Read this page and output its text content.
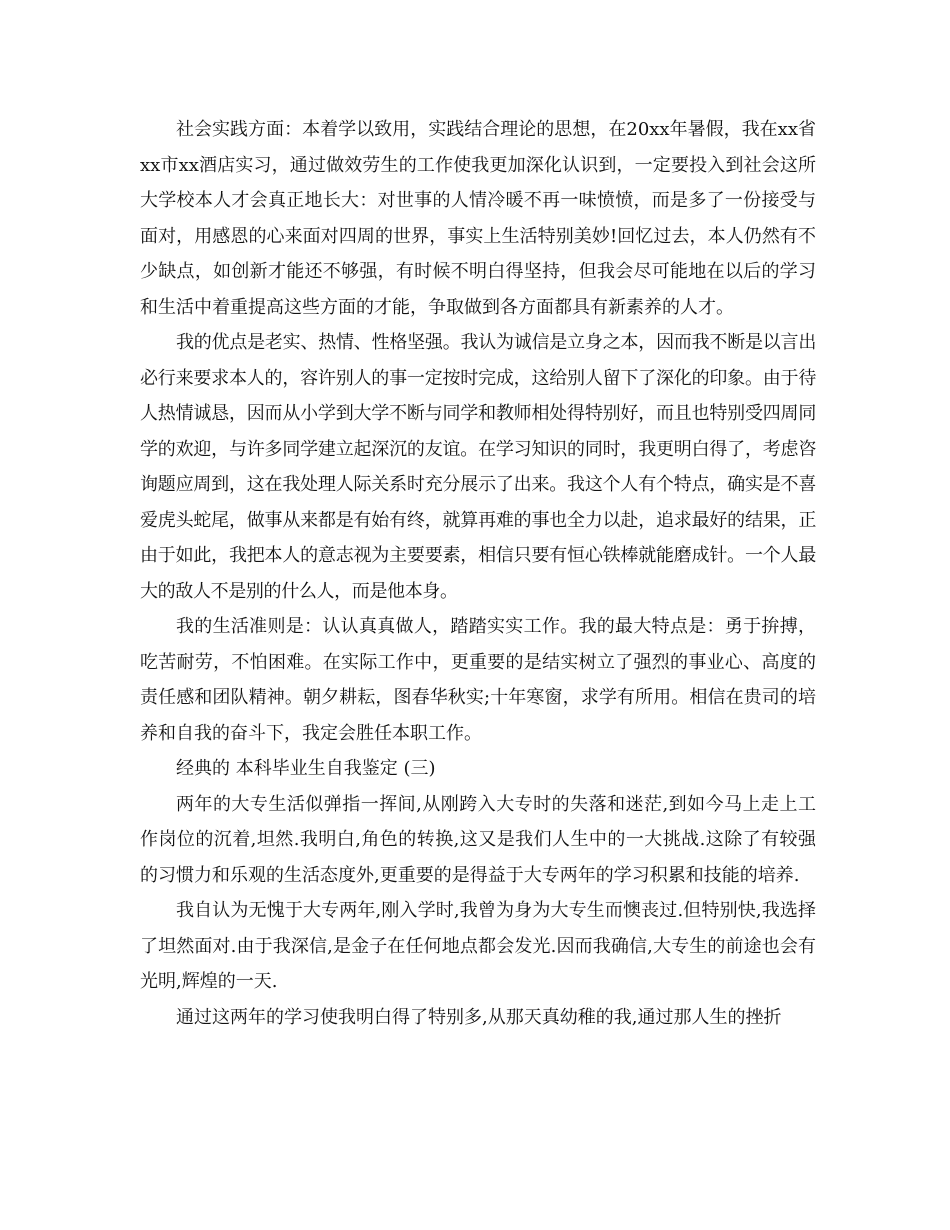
社会实践方面：本着学以致用，实践结合理论的思想，在20xx年暑假，我在xx省xx市xx酒店实习，通过做效劳生的工作使我更加深化认识到，一定要投入到社会这所大学校本人才会真正地长大：对世事的人情冷暖不再一味愤愤，而是多了一份接受与面对，用感恩的心来面对四周的世界，事实上生活特别美妙!回忆过去，本人仍然有不少缺点，如创新才能还不够强，有时候不明白得坚持，但我会尽可能地在以后的学习和生活中着重提高这些方面的才能，争取做到各方面都具有新素养的人才。

我的优点是老实、热情、性格坚强。我认为诚信是立身之本，因而我不断是以言出必行来要求本人的，容许别人的事一定按时完成，这给别人留下了深化的印象。由于待人热情诚恳，因而从小学到大学不断与同学和教师相处得特别好，而且也特别受四周同学的欢迎，与许多同学建立起深沉的友谊。在学习知识的同时，我更明白得了，考虑咨询题应周到，这在我处理人际关系时充分展示了出来。我这个人有个特点，确实是不喜爱虎头蛇尾，做事从来都是有始有终，就算再难的事也全力以赴，追求最好的结果，正由于如此，我把本人的意志视为主要要素，相信只要有恒心铁棒就能磨成针。一个人最大的敌人不是别的什么人，而是他本身。

我的生活准则是：认认真真做人，踏踏实实工作。我的最大特点是：勇于拚搏，吃苦耐劳，不怕困难。在实际工作中，更重要的是结实树立了强烈的事业心、高度的责任感和团队精神。朝夕耕耘，图春华秋实;十年寒窗，求学有所用。相信在贵司的培养和自我的奋斗下，我定会胜任本职工作。

经典的 本科毕业生自我鉴定 (三)

两年的大专生活似弹指一挥间,从刚跨入大专时的失落和迷茫,到如今马上走上工作岗位的沉着,坦然.我明白,角色的转换,这又是我们人生中的一大挑战.这除了有较强的习惯力和乐观的生活态度外,更重要的是得益于大专两年的学习积累和技能的培养.

我自认为无愧于大专两年,刚入学时,我曾为身为大专生而懊丧过.但特别快,我选择了坦然面对.由于我深信,是金子在任何地点都会发光.因而我确信,大专生的前途也会有光明,辉煌的一天.

通过这两年的学习使我明白得了特别多,从那天真幼稚的我,通过那人生的挫折
